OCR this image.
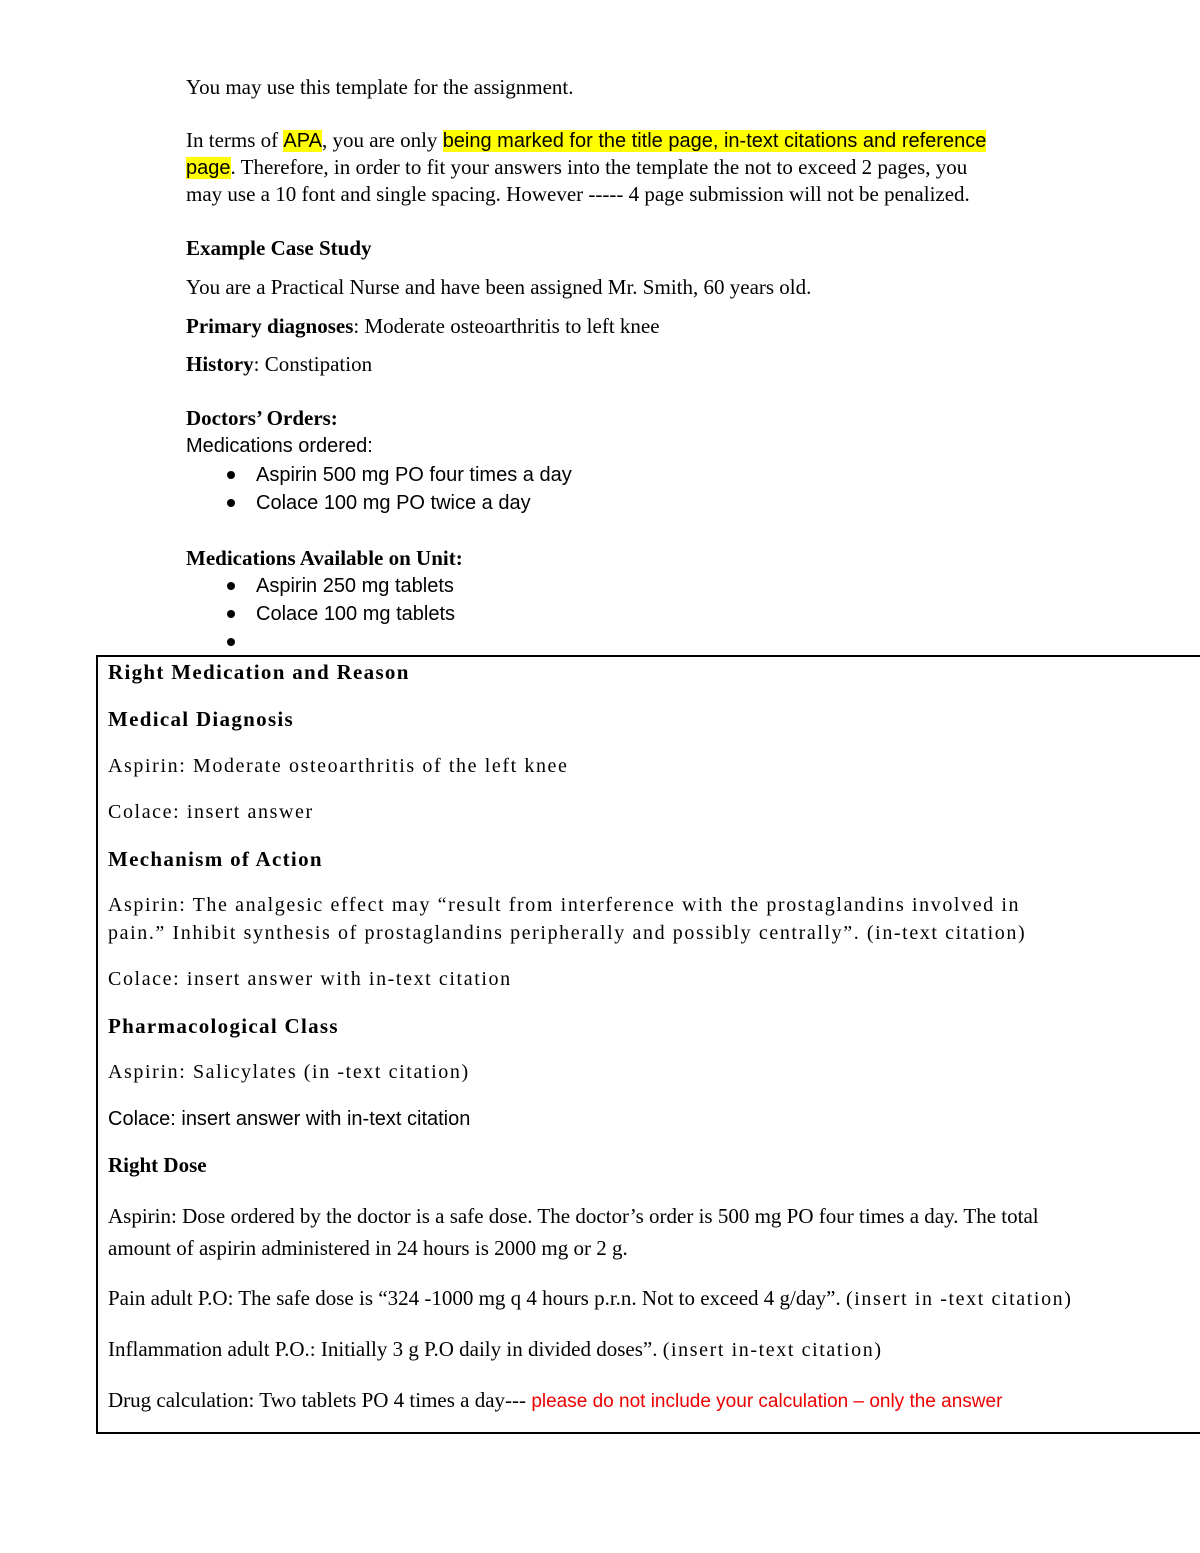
You may use this template for the assignment.
In terms of APA, you are only being marked for the title page, in-text citations and reference
page. Therefore, in order to fit your answers into the template the not to exceed 2 pages, you
may use a 10 font and single spacing. However ----- 4 page submission will not be penalized.
Example Case Study
You are a Practical Nurse and have been assigned Mr. Smith, 60 years old.
Primary diagnoses: Moderate osteoarthritis to left knee
History: Constipation
Doctors’ Orders:
Medications ordered:
Aspirin 500 mg PO four times a day
Colace 100 mg PO twice a day
Medications Available on Unit:
Aspirin 250 mg tablets
Colace 100 mg tablets
Right Medication and Reason
Medical Diagnosis
Aspirin: Moderate osteoarthritis of the left knee
Colace: insert answer
Mechanism of Action
Aspirin: The analgesic effect may “result from interference with the prostaglandins involved in
pain.” Inhibit synthesis of prostaglandins peripherally and possibly centrally”. (in-text citation)
Colace: insert answer with in-text citation
Pharmacological Class
Aspirin: Salicylates (in -text citation)
Colace: insert answer with in-text citation
Right Dose
Aspirin: Dose ordered by the doctor is a safe dose. The doctor’s order is 500 mg PO four times a day. The total
amount of aspirin administered in 24 hours is 2000 mg or 2 g.
Pain adult P.O: The safe dose is “324 -1000 mg q 4 hours p.r.n. Not to exceed 4 g/day”. (insert in -text citation)
Inflammation adult P.O.: Initially 3 g P.O daily in divided doses”. (insert in-text citation)
Drug calculation: Two tablets PO 4 times a day--- please do not include your calculation – only the answer
